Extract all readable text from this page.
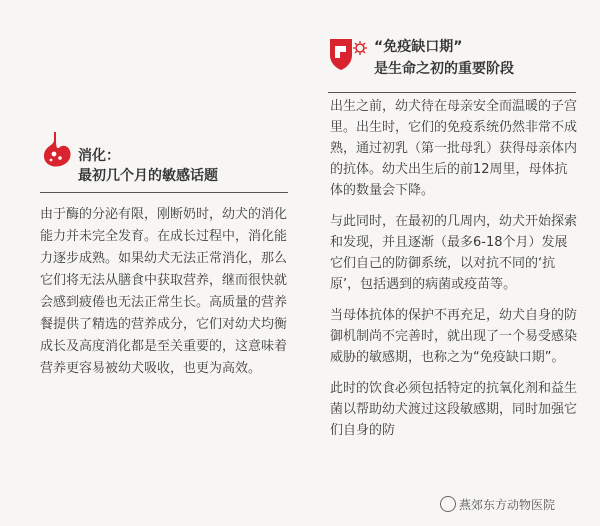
消化：
最初几个月的敏感话题
由于酶的分泌有限，刚断奶时，幼犬的消化能力并未完全发育。在成长过程中，消化能力逐步成熟。如果幼犬无法正常消化，那么它们将无法从膳食中获取营养，继而很快就会感到疲倦也无法正常生长。高质量的营养餐提供了精选的营养成分，它们对幼犬均衡成长及高度消化都是至关重要的，这意味着营养更容易被幼犬吸收，也更为高效。
“免疫缺口期”
是生命之初的重要阶段

出生之前，幼犬待在母亲安全而温暖的子宫里。出生时，它们的免疫系统仍然非常不成熟，通过初乳（第一批母乳）获得母亲体内的抗体。幼犬出生后的前12周里，母体抗体的数量会下降。

与此同时，在最初的几周内，幼犬开始探索和发现，并且逐渐（最多6-18个月）发展它们自己的防御系统，以对抗不同的‘抗原’，包括遇到的病菌或疫苗等。

当母体抗体的保护不再充足，幼犬自身的防御机制尚不完善时，就出现了一个易受感染威胁的敏感期，也称之为“免疫缺口期”。

此时的饮食必须包括特定的抗氧化剂和益生菌以帮助幼犬渡过这段敏感期，同时加强它们自身的防

燕郊东方动物医院
